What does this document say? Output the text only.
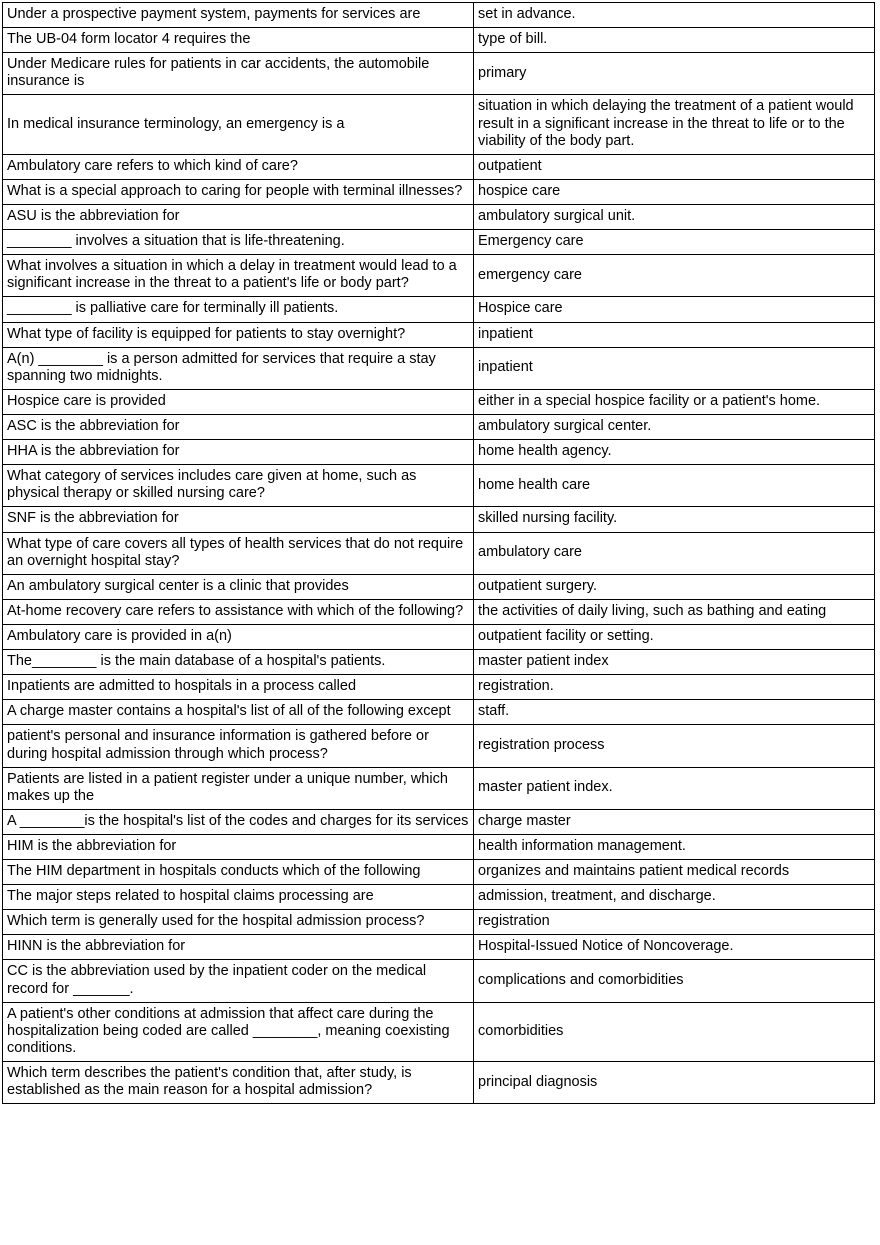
Under a prospective payment system, payments for services are	set in advance.
The UB-04 form locator 4 requires the	type of bill.
Under Medicare rules for patients in car accidents, the automobile insurance is	primary
In medical insurance terminology, an emergency is a	situation in which delaying the treatment of a patient would result in a significant increase in the threat to life or to the viability of the body part.
Ambulatory care refers to which kind of care?	outpatient
What is a special approach to caring for people with terminal illnesses?	hospice care
ASU is the abbreviation for	ambulatory surgical unit.
________ involves a situation that is life-threatening.	Emergency care
What involves a situation in which a delay in treatment would lead to a significant increase in the threat to a patient's life or body part?	emergency care
________ is palliative care for terminally ill patients.	Hospice care
What type of facility is equipped for patients to stay overnight?	inpatient
A(n) ________ is a person admitted for services that require a stay spanning two midnights.	inpatient
Hospice care is provided	either in a special hospice facility or a patient's home.
ASC is the abbreviation for	ambulatory surgical center.
HHA is the abbreviation for	home health agency.
What category of services includes care given at home, such as physical therapy or skilled nursing care?	home health care
SNF is the abbreviation for	skilled nursing facility.
What type of care covers all types of health services that do not require an overnight hospital stay?	ambulatory care
An ambulatory surgical center is a clinic that provides	outpatient surgery.
At-home recovery care refers to assistance with which of the following?	the activities of daily living, such as bathing and eating
Ambulatory care is provided in a(n)	outpatient facility or setting.
The________ is the main database of a hospital's patients.	master patient index
Inpatients are admitted to hospitals in a process called	registration.
A charge master contains a hospital's list of all of the following except	staff.
patient's personal and insurance information is gathered before or during hospital admission through which process?	registration process
Patients are listed in a patient register under a unique number, which makes up the	master patient index.
A ________is the hospital's list of the codes and charges for its services	charge master
HIM is the abbreviation for	health information management.
The HIM department in hospitals conducts which of the following	organizes and maintains patient medical records
The major steps related to hospital claims processing are	admission, treatment, and discharge.
Which term is generally used for the hospital admission process?	registration
HINN is the abbreviation for	Hospital-Issued Notice of Noncoverage.
CC is the abbreviation used by the inpatient coder on the medical record for _______.	complications and comorbidities
A patient's other conditions at admission that affect care during the hospitalization being coded are called ________, meaning coexisting conditions.	comorbidities
Which term describes the patient's condition that, after study, is established as the main reason for a hospital admission?	principal diagnosis
